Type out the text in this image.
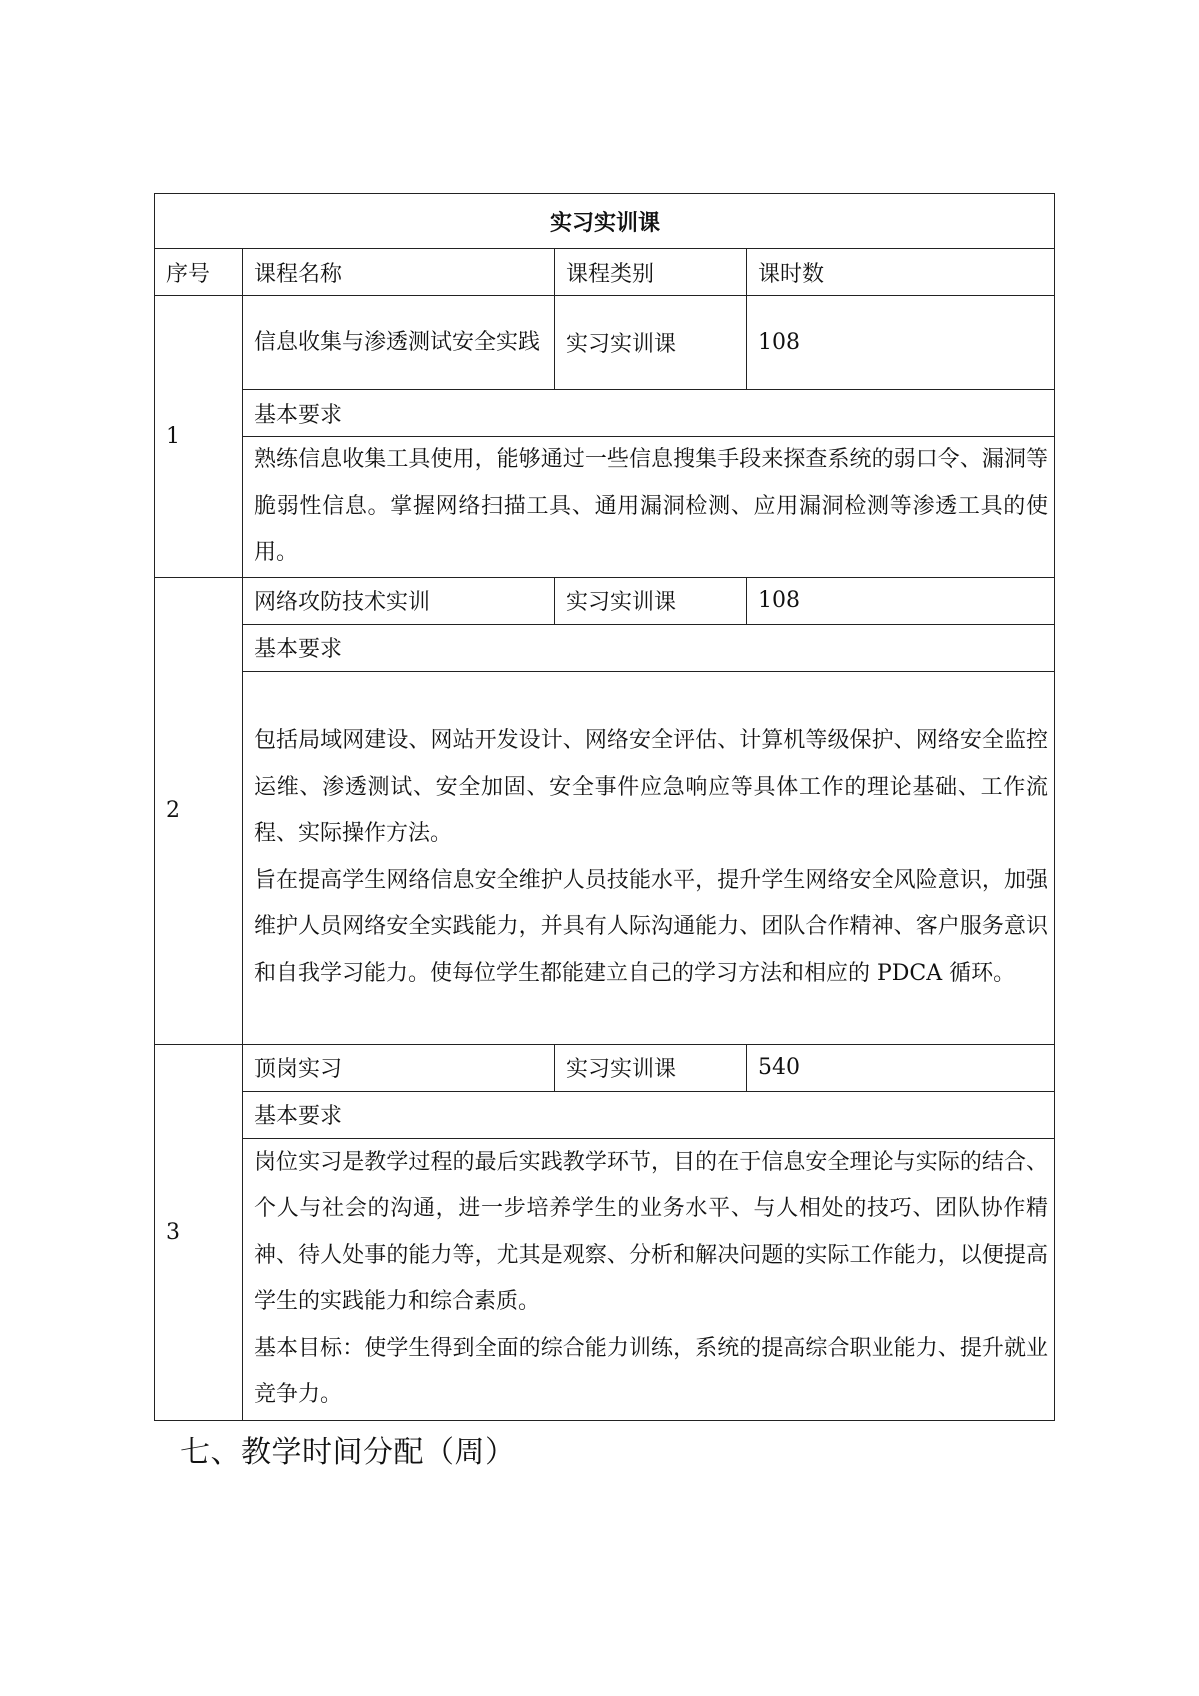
实习实训课			
序号	课程名称	课程类别	课时数
1	信息收集与渗透测试安全实践	实习实训课	108
	基本要求		

	熟练信息收集工具使用，能够通过一些信息搜集手段来探查系统的弱口令、漏洞等脆弱性信息。掌握网络扫描工具、通用漏洞检测、应用漏洞检测等渗透工具的使用。		

2	网络攻防技术实训	实习实训课	108
	基本要求		

	包括局域网建设、网站开发设计、网络安全评估、计算机等级保护、网络安全监控运维、渗透测试、安全加固、安全事件应急响应等具体工作的理论基础、工作流程、实际操作方法。

旨在提高学生网络信息安全维护人员技能水平，提升学生网络安全风险意识，加强维护人员网络安全实践能力，并具有人际沟通能力、团队合作精神、客户服务意识和自我学习能力。使每位学生都能建立自己的学习方法和相应的 PDCA 循环。		

3	顶岗实习	实习实训课	540
	基本要求		

	岗位实习是教学过程的最后实践教学环节，目的在于信息安全理论与实际的结合、个人与社会的沟通，进一步培养学生的业务水平、与人相处的技巧、团队协作精神、待人处事的能力等，尤其是观察、分析和解决问题的实际工作能力，以便提高学生的实践能力和综合素质。

基本目标：使学生得到全面的综合能力训练，系统的提高综合职业能力、提升就业竞争力。		

七、教学时间分配（周）
